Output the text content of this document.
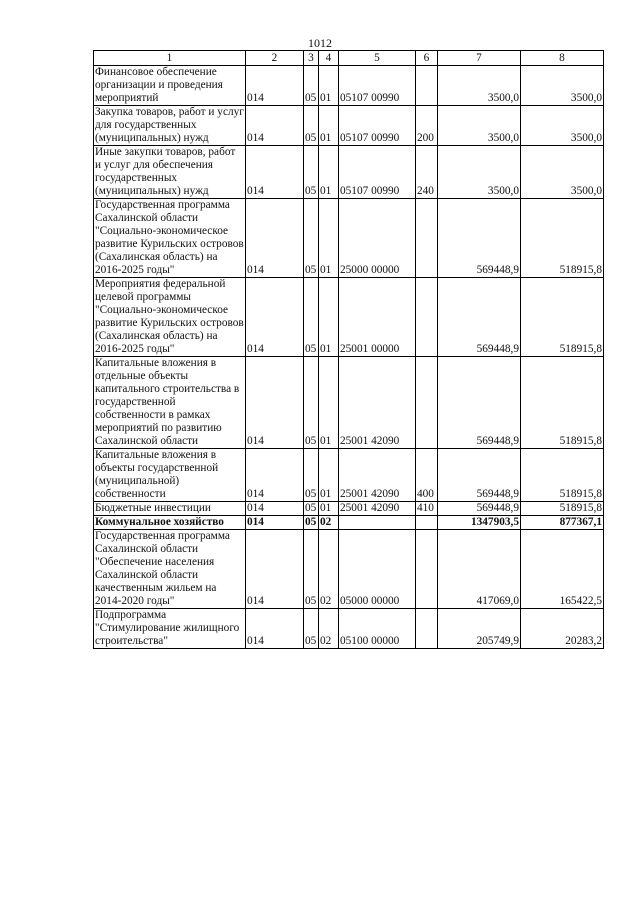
1012
1	2	3	4	5	6	7	8
Финансовое обеспечение организации и проведения мероприятий	014	05	01	05107 00990		3500,0	3500,0
Закупка товаров, работ и услуг для государственных (муниципальных) нужд	014	05	01	05107 00990	200	3500,0	3500,0
Иные закупки товаров, работ и услуг для обеспечения государственных (муниципальных) нужд	014	05	01	05107 00990	240	3500,0	3500,0
Государственная программа Сахалинской области "Социально-экономическое развитие Курильских островов (Сахалинская область) на 2016-2025 годы"	014	05	01	25000 00000		569448,9	518915,8
Мероприятия федеральной целевой программы "Социально-экономическое развитие Курильских островов (Сахалинская область) на 2016-2025 годы"	014	05	01	25001 00000		569448,9	518915,8
Капитальные вложения в отдельные объекты капитального строительства в государственной собственности в рамках мероприятий по развитию Сахалинской области	014	05	01	25001 42090		569448,9	518915,8
Капитальные вложения в объекты государственной (муниципальной) собственности	014	05	01	25001 42090	400	569448,9	518915,8
Бюджетные инвестиции	014	05	01	25001 42090	410	569448,9	518915,8
Коммунальное хозяйство	014	05	02			1347903,5	877367,1
Государственная программа Сахалинской области "Обеспечение населения Сахалинской области качественным жильем на 2014-2020 годы"	014	05	02	05000 00000		417069,0	165422,5
Подпрограмма "Стимулирование жилищного строительства"	014	05	02	05100 00000		205749,9	20283,2
